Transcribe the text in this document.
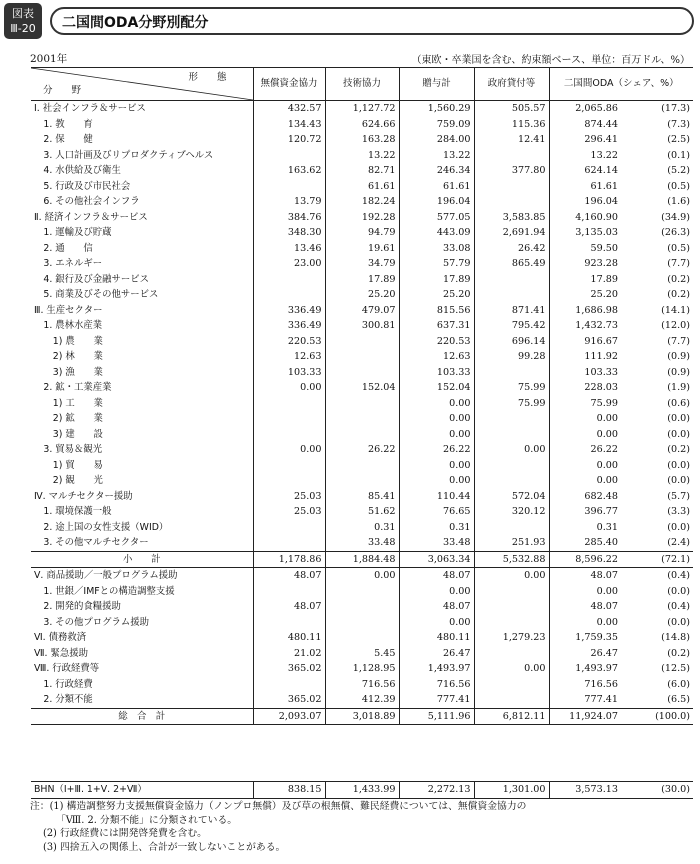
図表
Ⅲ-20	二国間ODA分野別配分
2001年	（東欧・卒業国を含む、約束額ベース、単位：百万ドル、%）
形　　態
分　　野	無償資金協力	技術協力	贈与計	政府貸付等	二国間ODA（シェア、%）	
Ⅰ. 社会インフラ＆サービス	432.57	1,127.72	1,560.29	505.57	2,065.86	(17.3)
　1. 教　　育	134.43	624.66	759.09	115.36	874.44	(7.3)
　2. 保　　健	120.72	163.28	284.00	12.41	296.41	(2.5)
　3. 人口計画及びリプロダクティブヘルス		13.22	13.22		13.22	(0.1)
　4. 水供給及び衛生	163.62	82.71	246.34	377.80	624.14	(5.2)
　5. 行政及び市民社会		61.61	61.61		61.61	(0.5)
　6. その他社会インフラ	13.79	182.24	196.04		196.04	(1.6)
Ⅱ. 経済インフラ＆サービス	384.76	192.28	577.05	3,583.85	4,160.90	(34.9)
　1. 運輸及び貯蔵	348.30	94.79	443.09	2,691.94	3,135.03	(26.3)
　2. 通　　信	13.46	19.61	33.08	26.42	59.50	(0.5)
　3. エネルギー	23.00	34.79	57.79	865.49	923.28	(7.7)
　4. 銀行及び金融サービス		17.89	17.89		17.89	(0.2)
　5. 商業及びその他サービス		25.20	25.20		25.20	(0.2)
Ⅲ. 生産セクター	336.49	479.07	815.56	871.41	1,686.98	(14.1)
　1. 農林水産業	336.49	300.81	637.31	795.42	1,432.73	(12.0)
　　1) 農　　業	220.53		220.53	696.14	916.67	(7.7)
　　2) 林　　業	12.63		12.63	99.28	111.92	(0.9)
　　3) 漁　　業	103.33		103.33		103.33	(0.9)
　2. 鉱・工業産業	0.00	152.04	152.04	75.99	228.03	(1.9)
　　1) 工　　業			0.00	75.99	75.99	(0.6)
　　2) 鉱　　業			0.00		0.00	(0.0)
　　3) 建　　設			0.00		0.00	(0.0)
　3. 貿易＆観光	0.00	26.22	26.22	0.00	26.22	(0.2)
　　1) 貿　　易			0.00		0.00	(0.0)
　　2) 観　　光			0.00		0.00	(0.0)
Ⅳ. マルチセクター援助	25.03	85.41	110.44	572.04	682.48	(5.7)
　1. 環境保護一般	25.03	51.62	76.65	320.12	396.77	(3.3)
　2. 途上国の女性支援（WID）		0.31	0.31		0.31	(0.0)
　3. その他マルチセクター		33.48	33.48	251.93	285.40	(2.4)
小　　計	1,178.86	1,884.48	3,063.34	5,532.88	8,596.22	(72.1)
Ⅴ. 商品援助／一般プログラム援助	48.07	0.00	48.07	0.00	48.07	(0.4)
　1. 世銀／IMFとの構造調整支援			0.00		0.00	(0.0)
　2. 開発的食糧援助	48.07		48.07		48.07	(0.4)
　3. その他プログラム援助			0.00		0.00	(0.0)
Ⅵ. 債務救済	480.11		480.11	1,279.23	1,759.35	(14.8)
Ⅶ. 緊急援助	21.02	5.45	26.47		26.47	(0.2)
Ⅷ. 行政経費等	365.02	1,128.95	1,493.97	0.00	1,493.97	(12.5)
　1. 行政経費		716.56	716.56		716.56	(6.0)
　2. 分類不能	365.02	412.39	777.41		777.41	(6.5)
総　合　計	2,093.07	3,018.89	5,111.96	6,812.11	11,924.07	(100.0)
BHN（Ⅰ+Ⅲ. 1+Ⅴ. 2+Ⅶ）	838.15	1,433.99	2,272.13	1,301.00	3,573.13	(30.0)
注：(1) 構造調整努力支援無償資金協力（ノンプロ無償）及び草の根無償、難民経費については、無償資金協力の
「Ⅷ. 2. 分類不能」に分類されている。
(2) 行政経費には開発啓発費を含む。
(3) 四捨五入の関係上、合計が一致しないことがある。
